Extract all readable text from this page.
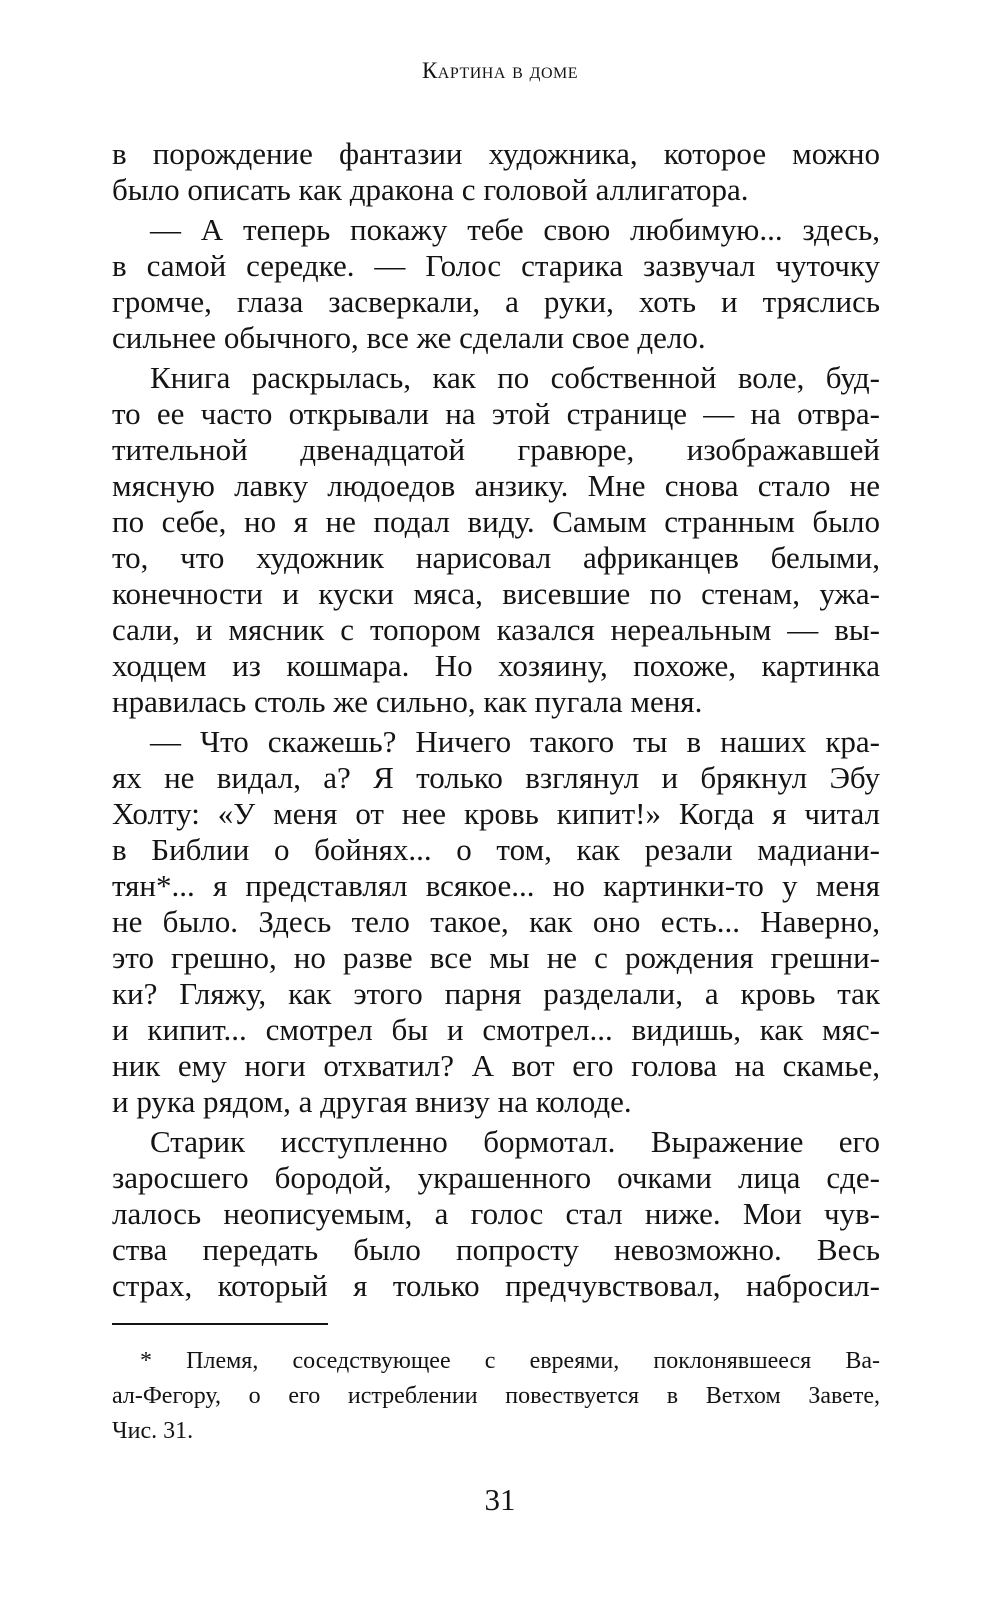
Картина в доме
в порождение фантазии художника, которое можно
было описать как дракона с головой аллигатора.
— А теперь покажу тебе свою любимую... здесь,
в самой середке. — Голос старика зазвучал чуточку
громче, глаза засверкали, а руки, хоть и тряслись
сильнее обычного, все же сделали свое дело.
Книга раскрылась, как по собственной воле, буд-
то ее часто открывали на этой странице — на отвра-
тительной двенадцатой гравюре, изображавшей
мясную лавку людоедов анзику. Мне снова стало не
по себе, но я не подал виду. Самым странным было
то, что художник нарисовал африканцев белыми,
конечности и куски мяса, висевшие по стенам, ужа-
сали, и мясник с топором казался нереальным — вы-
ходцем из кошмара. Но хозяину, похоже, картинка
нравилась столь же сильно, как пугала меня.
— Что скажешь? Ничего такого ты в наших кра-
ях не видал, а? Я только взглянул и брякнул Эбу
Холту: «У меня от нее кровь кипит!» Когда я читал
в Библии о бойнях... о том, как резали мадиани-
тян*... я представлял всякое... но картинки-то у меня
не было. Здесь тело такое, как оно есть... Наверно,
это грешно, но разве все мы не с рождения грешни-
ки? Гляжу, как этого парня разделали, а кровь так
и кипит... смотрел бы и смотрел... видишь, как мяс-
ник ему ноги отхватил? А вот его голова на скамье,
и рука рядом, а другая внизу на колоде.
Старик исступленно бормотал. Выражение его
заросшего бородой, украшенного очками лица сде-
лалось неописуемым, а голос стал ниже. Мои чув-
ства передать было попросту невозможно. Весь
страх, который я только предчувствовал, набросил-
* Племя, соседствующее с евреями, поклонявшееся Ва-
ал-Фегору, о его истреблении повествуется в Ветхом Завете,
Чис. 31.
31
